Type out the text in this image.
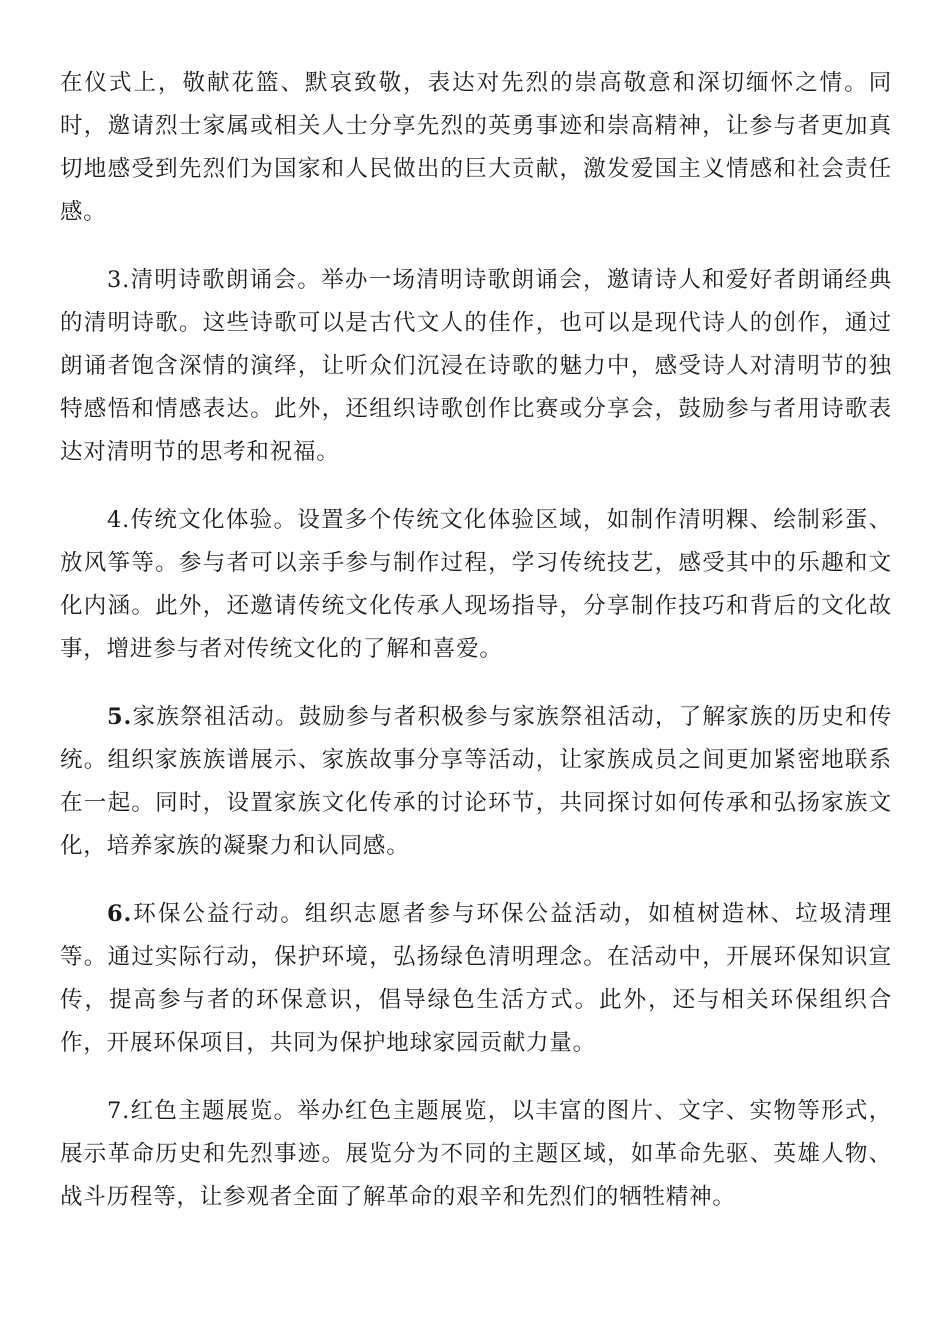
在仪式上，敬献花篮、默哀致敬，表达对先烈的崇高敬意和深切缅怀之情。同时，邀请烈士家属或相关人士分享先烈的英勇事迹和崇高精神，让参与者更加真切地感受到先烈们为国家和人民做出的巨大贡献，激发爱国主义情感和社会责任感。

3.清明诗歌朗诵会。举办一场清明诗歌朗诵会，邀请诗人和爱好者朗诵经典的清明诗歌。这些诗歌可以是古代文人的佳作，也可以是现代诗人的创作，通过朗诵者饱含深情的演绎，让听众们沉浸在诗歌的魅力中，感受诗人对清明节的独特感悟和情感表达。此外，还组织诗歌创作比赛或分享会，鼓励参与者用诗歌表达对清明节的思考和祝福。

4.传统文化体验。设置多个传统文化体验区域，如制作清明粿、绘制彩蛋、放风筝等。参与者可以亲手参与制作过程，学习传统技艺，感受其中的乐趣和文化内涵。此外，还邀请传统文化传承人现场指导，分享制作技巧和背后的文化故事，增进参与者对传统文化的了解和喜爱。

5.家族祭祖活动。鼓励参与者积极参与家族祭祖活动，了解家族的历史和传统。组织家族族谱展示、家族故事分享等活动，让家族成员之间更加紧密地联系在一起。同时，设置家族文化传承的讨论环节，共同探讨如何传承和弘扬家族文化，培养家族的凝聚力和认同感。

6.环保公益行动。组织志愿者参与环保公益活动，如植树造林、垃圾清理等。通过实际行动，保护环境，弘扬绿色清明理念。在活动中，开展环保知识宣传，提高参与者的环保意识，倡导绿色生活方式。此外，还与相关环保组织合作，开展环保项目，共同为保护地球家园贡献力量。

7.红色主题展览。举办红色主题展览，以丰富的图片、文字、实物等形式，展示革命历史和先烈事迹。展览分为不同的主题区域，如革命先驱、英雄人物、战斗历程等，让参观者全面了解革命的艰辛和先烈们的牺牲精神。
